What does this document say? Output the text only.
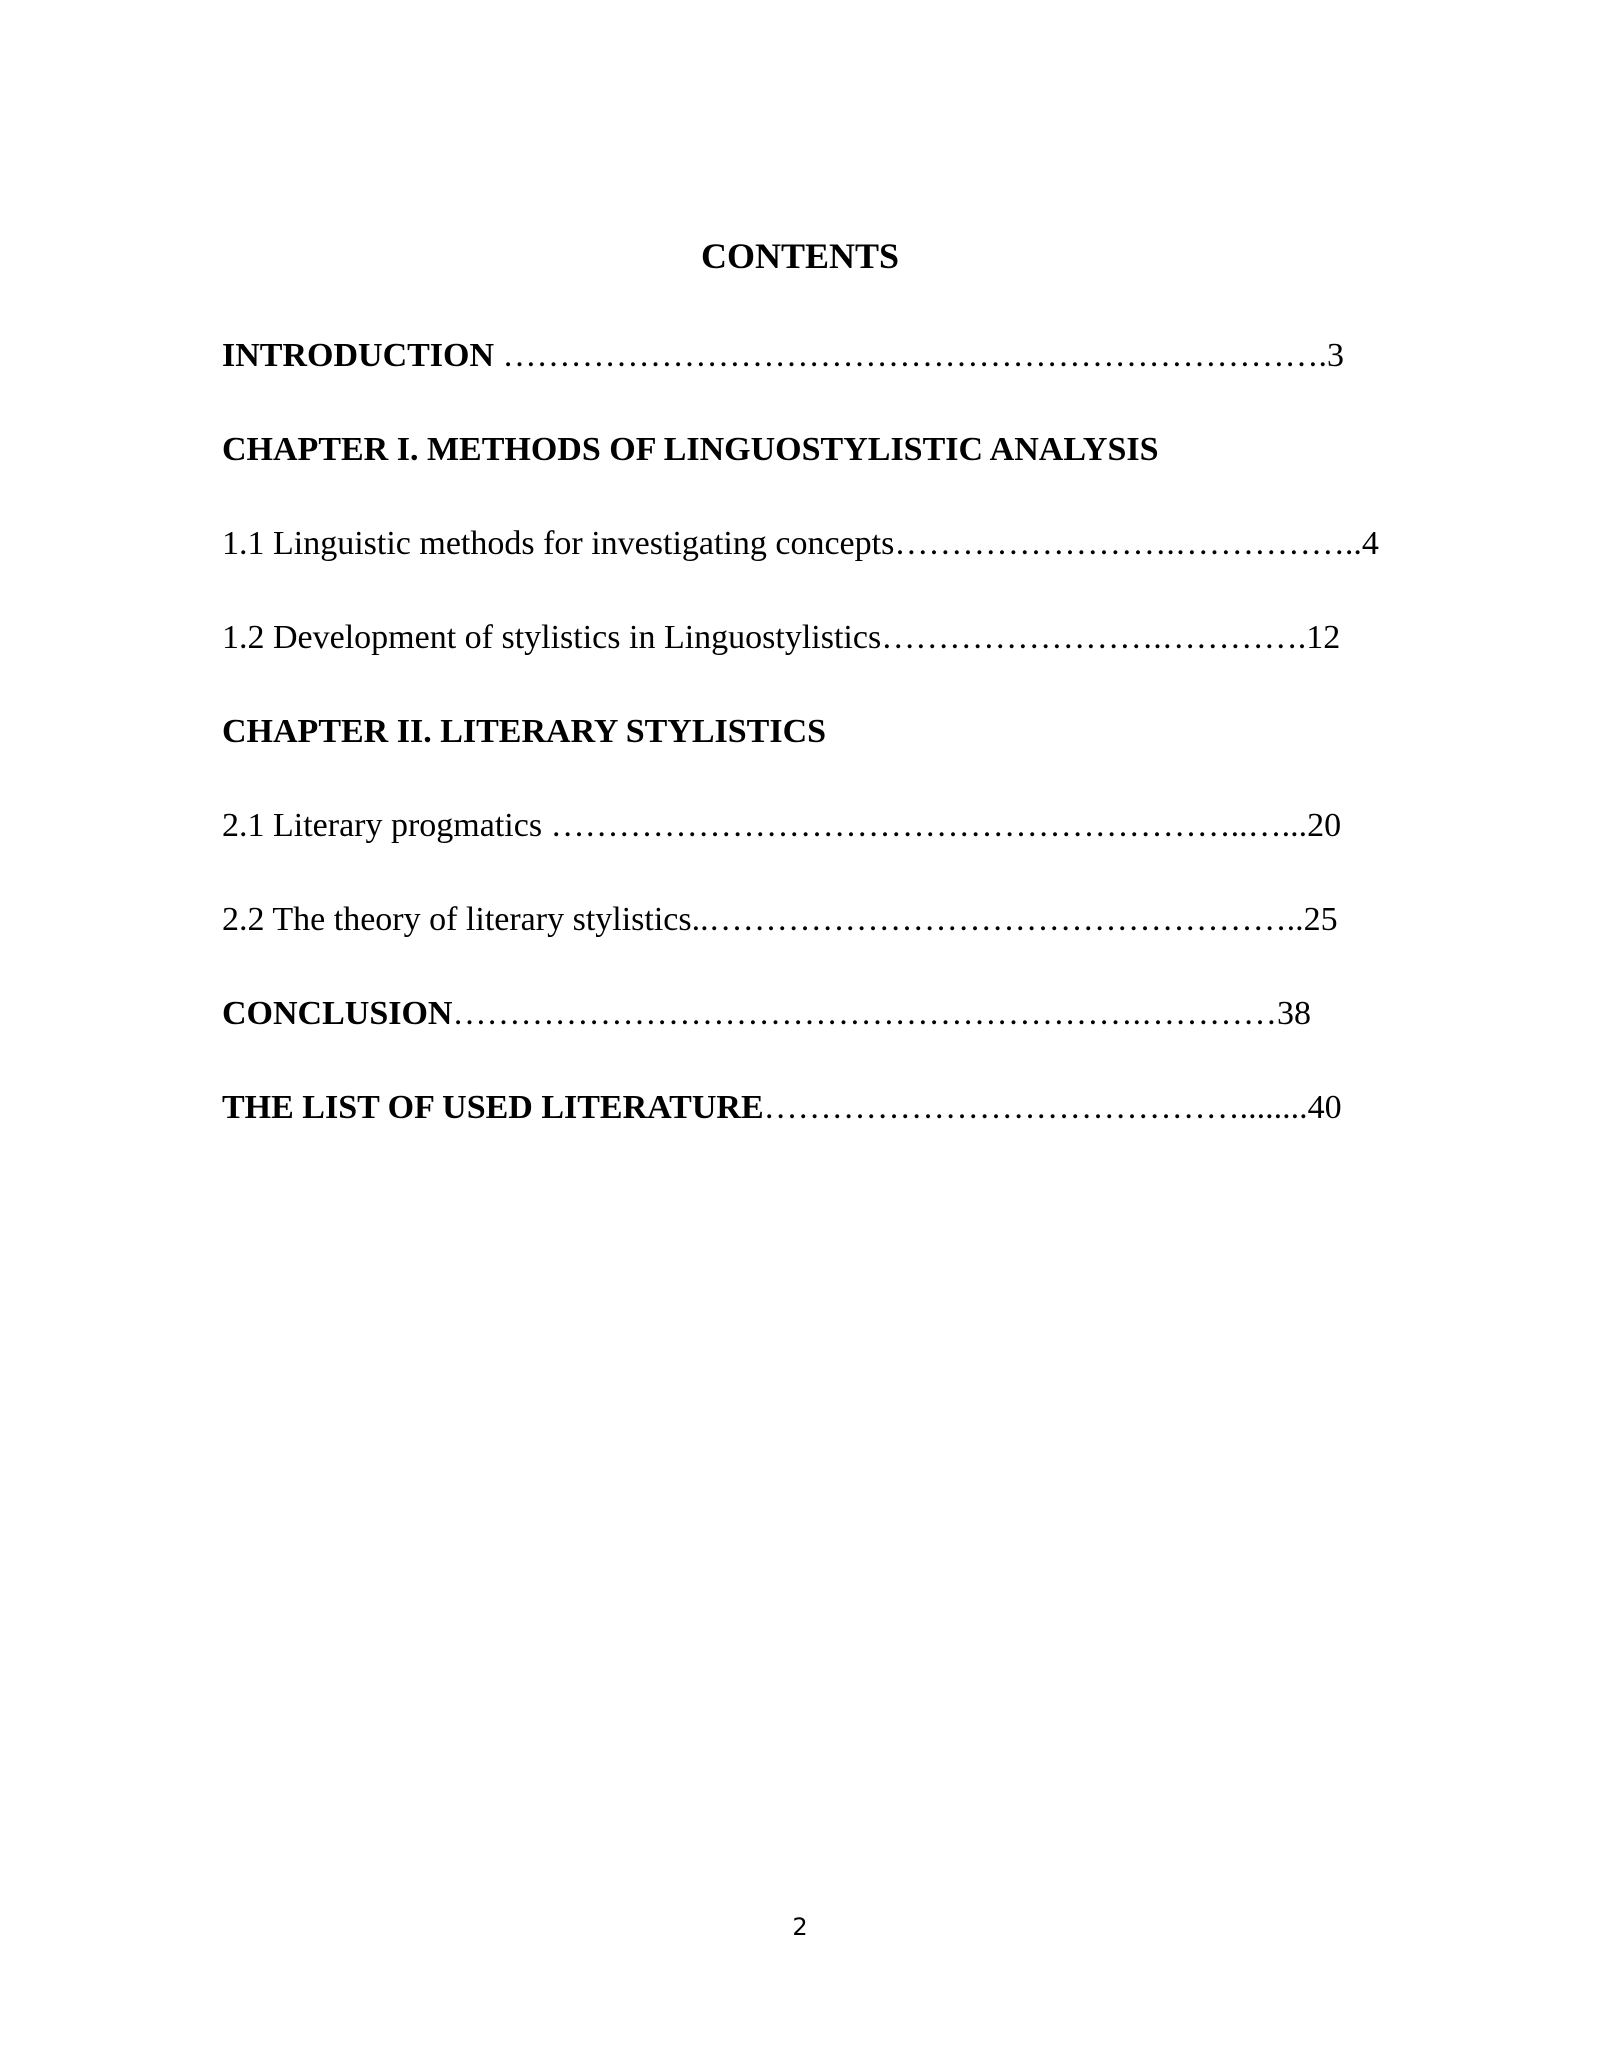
CONTENTS

INTRODUCTION ……………………………………………………………….3

CHAPTER I. METHODS OF LINGUOSTYLISTIC ANALYSIS

1.1 Linguistic methods for investigating concepts…………………….……………..4

1.2 Development of stylistics in Linguostylistics…………………….………….12

CHAPTER II. LITERARY STYLISTICS

2.1 Literary progmatics ……………………………………………………..…...20

2.2 The theory of literary stylistics..……………………………………………..25

CONCLUSION…………………………………………………….…………38

THE LIST OF USED LITERATURE……………………………………........40

2
